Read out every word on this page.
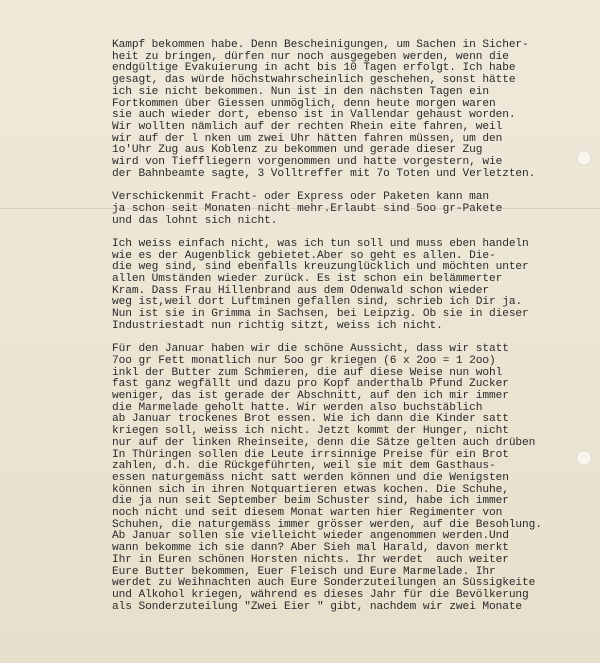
Kampf bekommen habe. Denn Bescheinigungen, um Sachen in Sicher-
heit zu bringen, dürfen nur noch ausgegeben werden, wenn die
endgültige Evakuierung in acht bis 10 Tagen erfolgt. Ich habe
gesagt, das würde höchstwahrscheinlich geschehen, sonst hätte
ich sie nicht bekommen. Nun ist in den nächsten Tagen ein
Fortkommen über Giessen unmöglich, denn heute morgen waren
sie auch wieder dort, ebenso ist in Vallendar gehaust worden.
Wir wollten nämlich auf der rechten Rhein eite fahren, weil
wir auf der l nken um zwei Uhr hätten fahren müssen, um den
1o'Uhr Zug aus Koblenz zu bekommen und gerade dieser Zug
wird von Tieffliegern vorgenommen und hatte vorgestern, wie
der Bahnbeamte sagte, 3 Volltreffer mit 7o Toten und Verletzten.
Verschickenmit Fracht- oder Express oder Paketen kann man
ja schon seit Monaten nicht mehr.Erlaubt sind 5oo gr-Pakete
und das lohnt sich nicht.
Ich weiss einfach nicht, was ich tun soll und muss eben handeln
wie es der Augenblick gebietet.Aber so geht es allen. Die-
die weg sind, sind ebenfalls kreuzunglücklich und möchten unter
allen Umständen wieder zurück. Es ist schon ein belämmerter
Kram. Dass Frau Hillenbrand aus dem Odenwald schon wieder
weg ist,weil dort Luftminen gefallen sind, schrieb ich Dir ja.
Nun ist sie in Grimma in Sachsen, bei Leipzig. Ob sie in dieser
Industriestadt nun richtig sitzt, weiss ich nicht.
Für den Januar haben wir die schöne Aussicht, dass wir statt
7oo gr Fett monatlich nur 5oo gr kriegen (6 x 2oo = 1 2oo)
inkl der Butter zum Schmieren, die auf diese Weise nun wohl
fast ganz wegfällt und dazu pro Kopf anderthalb Pfund Zucker
weniger, das ist gerade der Abschnitt, auf den ich mir immer
die Marmelade geholt hatte. Wir werden also buchstäblich
ab Januar trockenes Brot essen. Wie ich dann die Kinder satt
kriegen soll, weiss ich nicht. Jetzt kommt der Hunger, nicht
nur auf der linken Rheinseite, denn die Sätze gelten auch drüben
In Thüringen sollen die Leute irrsinnige Preise für ein Brot
zahlen, d.h. die Rückgeführten, weil sie mit dem Gasthaus-
essen naturgemäss nicht satt werden können und die Wenigsten
können sich in ihren Notquartieren etwas kochen. Die Schuhe,
die ja nun seit September beim Schuster sind, habe ich immer
noch nicht und seit diesem Monat warten hier Regimenter von
Schuhen, die naturgemäss immer grösser werden, auf die Besohlung.
Ab Januar sollen sie vielleicht wieder angenommen werden.Und
wann bekomme ich sie dann? Aber Sieh mal Harald, davon merkt
Ihr in Euren schönen Horsten nichts. Ihr werdet  auch weiter
Eure Butter bekommen, Euer Fleisch und Eure Marmelade. Ihr
werdet zu Weihnachten auch Eure Sonderzuteilungen an Süssigkeite
und Alkohol kriegen, während es dieses Jahr für die Bevölkerung
als Sonderzuteilung "Zwei Eier " gibt, nachdem wir zwei Monate
